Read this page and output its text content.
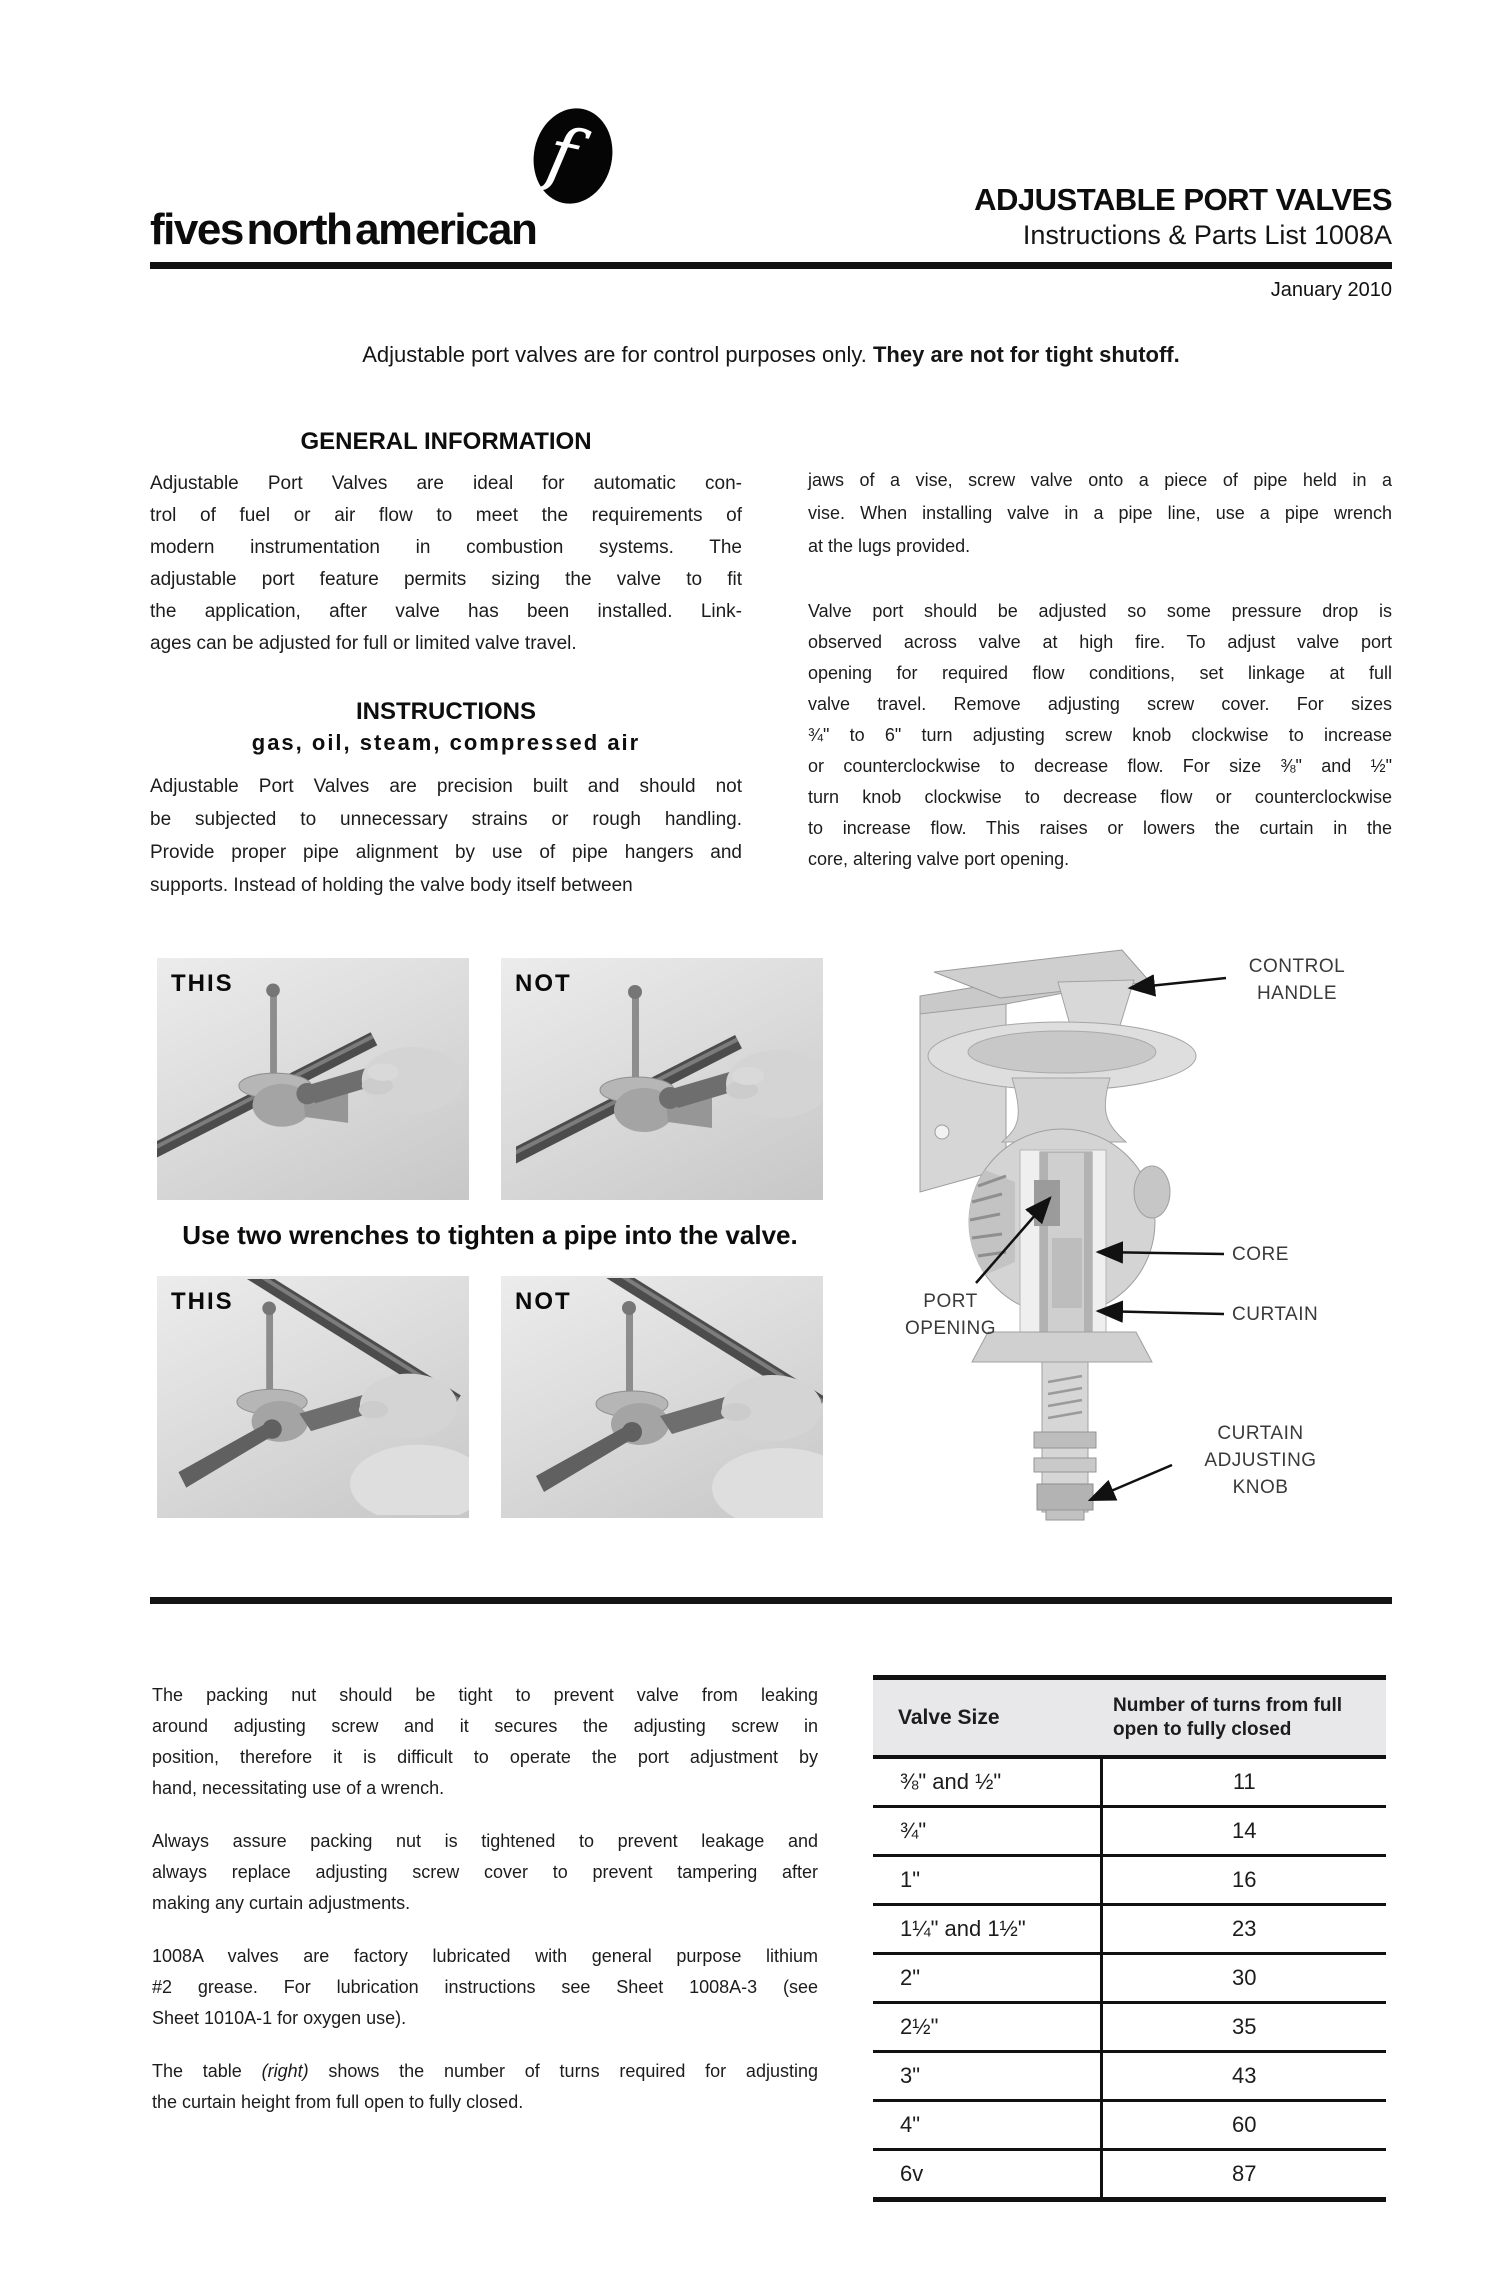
fives north american
ƒ	ADJUSTABLE PORT VALVES
Instructions & Parts List 1008A
January 2010
Adjustable port valves are for control purposes only. They are not for tight shutoff.
GENERAL INFORMATION
Adjustable Port Valves are ideal for automatic con-
trol of fuel or air flow to meet the requirements of
modern instrumentation in combustion systems. The
adjustable port feature permits sizing the valve to fit
the application, after valve has been installed. Link-
ages can be adjusted for full or limited valve travel.
INSTRUCTIONS
gas, oil, steam, compressed air
Adjustable Port Valves are precision built and should not
be subjected to unnecessary strains or rough handling.
Provide proper pipe alignment by use of pipe hangers and
supports. Instead of holding the valve body itself between
jaws of a vise, screw valve onto a piece of pipe held in a
vise. When installing valve in a pipe line, use a pipe wrench
at the lugs provided.
Valve port should be adjusted so some pressure drop is
observed across valve at high fire. To adjust valve port
opening for required flow conditions, set linkage at full
valve travel. Remove adjusting screw cover. For sizes
¾" to 6" turn adjusting screw knob clockwise to increase
or counterclockwise to decrease flow. For size ⅜" and ½"
turn knob clockwise to decrease flow or counterclockwise
to increase flow. This raises or lowers the curtain in the
core, altering valve port opening.
THIS	NOT
Use two wrenches to tighten a pipe into the valve.
THIS	NOT
CONTROL
HANDLE
CORE
CURTAIN
PORT
OPENING
CURTAIN
ADJUSTING
KNOB
The packing nut should be tight to prevent valve from leaking
around adjusting screw and it secures the adjusting screw in
position, therefore it is difficult to operate the port adjustment by
hand, necessitating use of a wrench.
Always assure packing nut is tightened to prevent leakage and
always replace adjusting screw cover to prevent tampering after
making any curtain adjustments.
1008A valves are factory lubricated with general purpose lithium
#2 grease. For lubrication instructions see Sheet 1008A-3 (see
Sheet 1010A-1 for oxygen use).
The table (right) shows the number of turns required for adjusting
the curtain height from full open to fully closed.
Valve Size	Number of turns from full
open to fully closed

⅜" and ½"	11
¾"	14
1"	16
1¼" and 1½"	23
2"	30
2½"	35
3"	43
4"	60
6v	87
